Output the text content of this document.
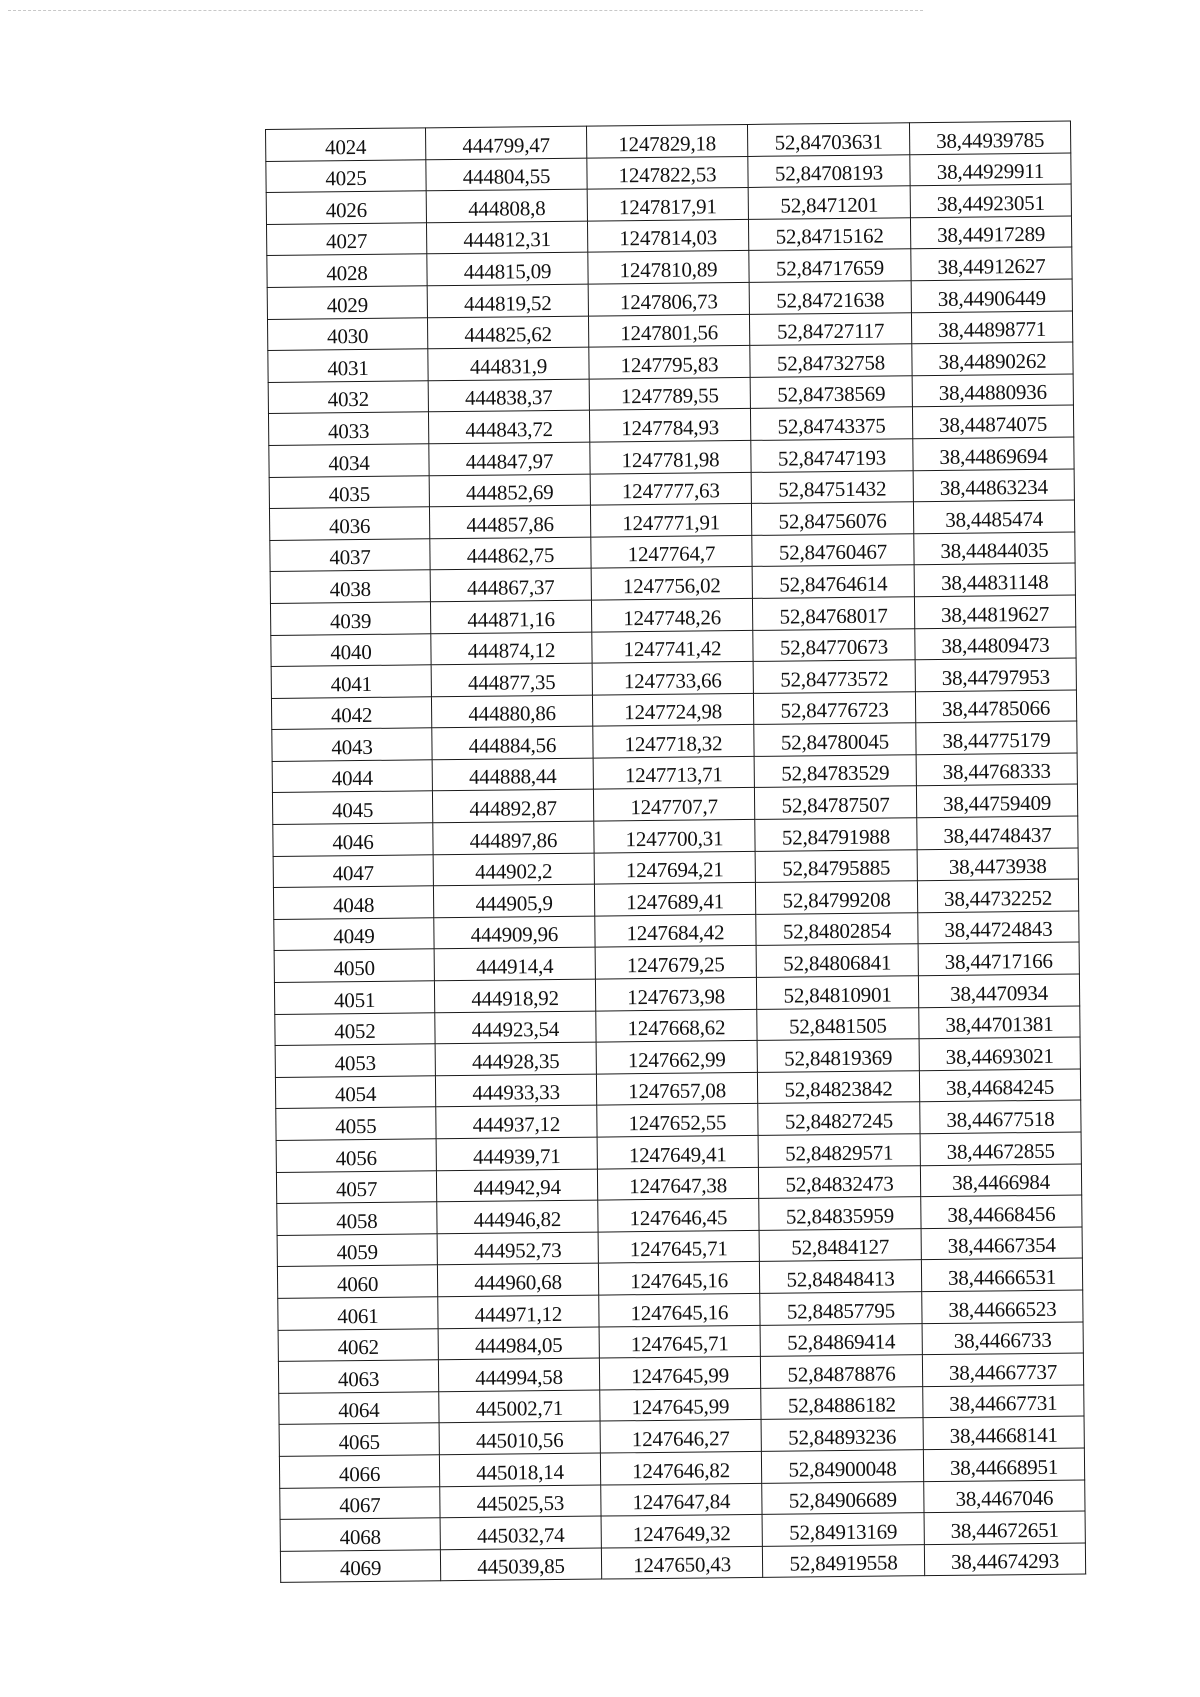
4024	444799,47	1247829,18	52,84703631	38,44939785
4025	444804,55	1247822,53	52,84708193	38,44929911
4026	444808,8	1247817,91	52,8471201	38,44923051
4027	444812,31	1247814,03	52,84715162	38,44917289
4028	444815,09	1247810,89	52,84717659	38,44912627
4029	444819,52	1247806,73	52,84721638	38,44906449
4030	444825,62	1247801,56	52,84727117	38,44898771
4031	444831,9	1247795,83	52,84732758	38,44890262
4032	444838,37	1247789,55	52,84738569	38,44880936
4033	444843,72	1247784,93	52,84743375	38,44874075
4034	444847,97	1247781,98	52,84747193	38,44869694
4035	444852,69	1247777,63	52,84751432	38,44863234
4036	444857,86	1247771,91	52,84756076	38,4485474
4037	444862,75	1247764,7	52,84760467	38,44844035
4038	444867,37	1247756,02	52,84764614	38,44831148
4039	444871,16	1247748,26	52,84768017	38,44819627
4040	444874,12	1247741,42	52,84770673	38,44809473
4041	444877,35	1247733,66	52,84773572	38,44797953
4042	444880,86	1247724,98	52,84776723	38,44785066
4043	444884,56	1247718,32	52,84780045	38,44775179
4044	444888,44	1247713,71	52,84783529	38,44768333
4045	444892,87	1247707,7	52,84787507	38,44759409
4046	444897,86	1247700,31	52,84791988	38,44748437
4047	444902,2	1247694,21	52,84795885	38,4473938
4048	444905,9	1247689,41	52,84799208	38,44732252
4049	444909,96	1247684,42	52,84802854	38,44724843
4050	444914,4	1247679,25	52,84806841	38,44717166
4051	444918,92	1247673,98	52,84810901	38,4470934
4052	444923,54	1247668,62	52,8481505	38,44701381
4053	444928,35	1247662,99	52,84819369	38,44693021
4054	444933,33	1247657,08	52,84823842	38,44684245
4055	444937,12	1247652,55	52,84827245	38,44677518
4056	444939,71	1247649,41	52,84829571	38,44672855
4057	444942,94	1247647,38	52,84832473	38,4466984
4058	444946,82	1247646,45	52,84835959	38,44668456
4059	444952,73	1247645,71	52,8484127	38,44667354
4060	444960,68	1247645,16	52,84848413	38,44666531
4061	444971,12	1247645,16	52,84857795	38,44666523
4062	444984,05	1247645,71	52,84869414	38,4466733
4063	444994,58	1247645,99	52,84878876	38,44667737
4064	445002,71	1247645,99	52,84886182	38,44667731
4065	445010,56	1247646,27	52,84893236	38,44668141
4066	445018,14	1247646,82	52,84900048	38,44668951
4067	445025,53	1247647,84	52,84906689	38,4467046
4068	445032,74	1247649,32	52,84913169	38,44672651
4069	445039,85	1247650,43	52,84919558	38,44674293
